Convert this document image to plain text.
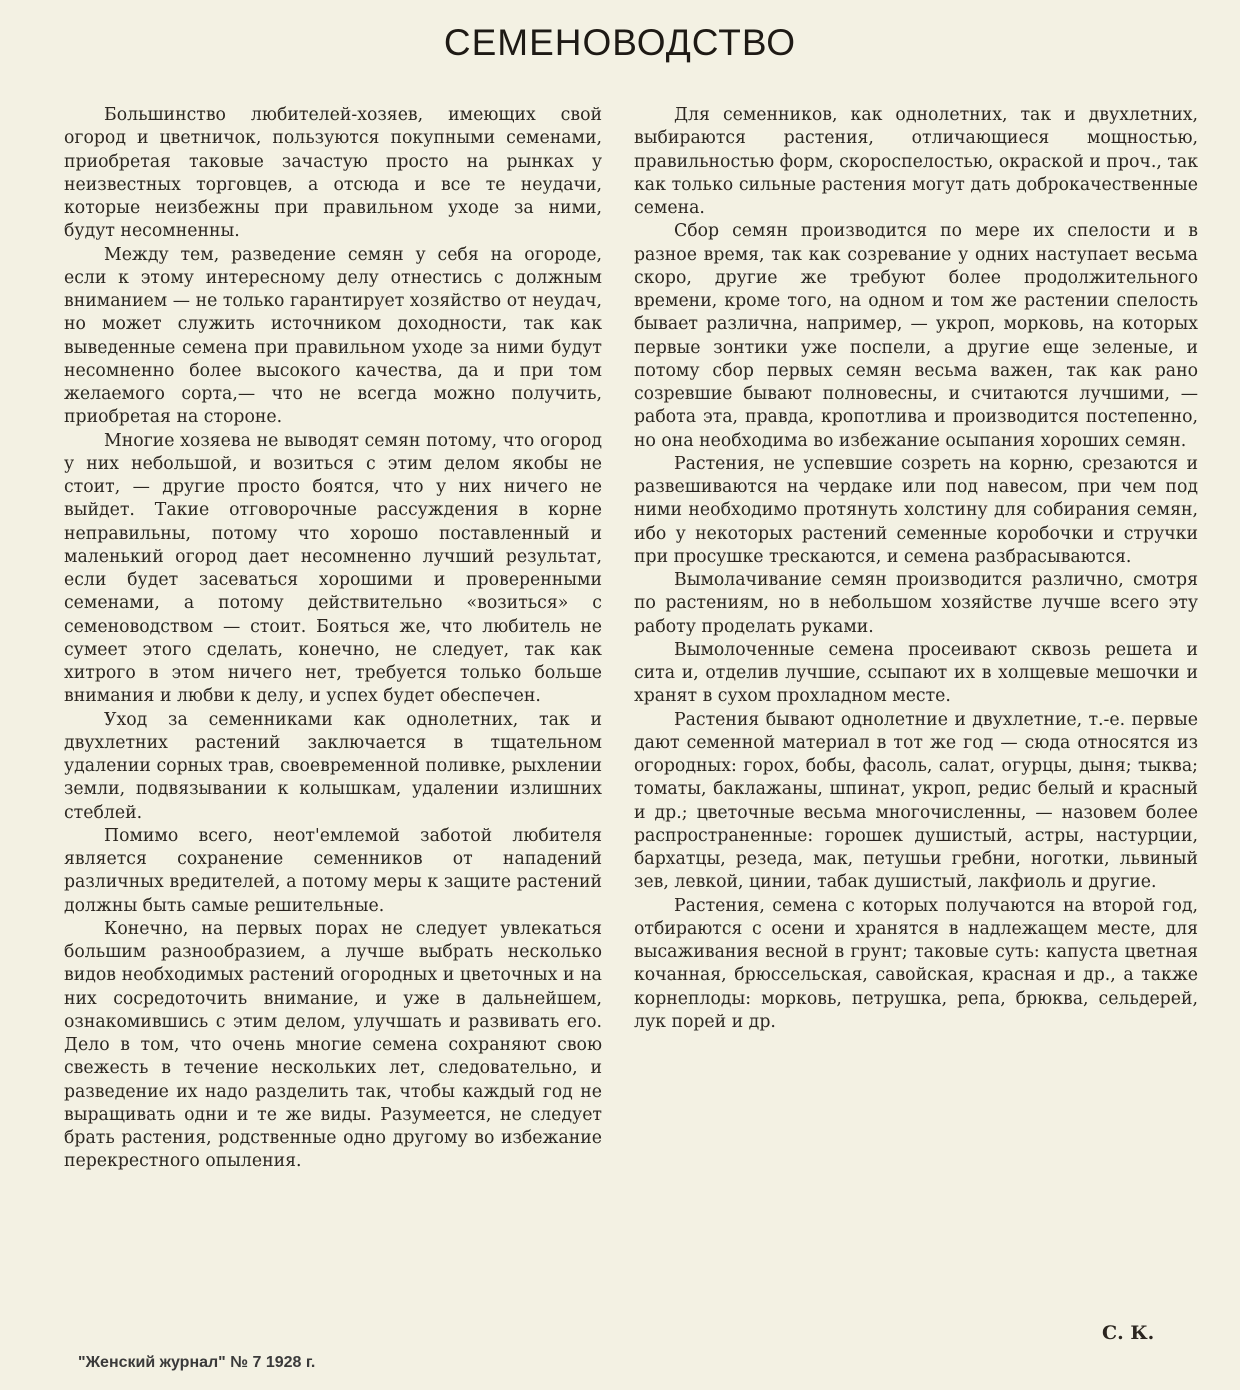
СЕМЕНОВОДСТВО

Большинство любителей-хозяев, имеющих свой огород и цветничок, пользуются покупными семенами, приобретая таковые зачастую просто на рынках у неизвестных торговцев, а отсюда и все те неудачи, которые неизбежны при правильном уходе за ними, будут несомненны.

Между тем, разведение семян у себя на огороде, если к этому интересному делу отнестись с должным вниманием — не только гарантирует хозяйство от неудач, но может служить источником доходности, так как выведенные семена при правильном уходе за ними будут несомненно более высокого качества, да и при том желаемого сорта,— что не всегда можно получить, приобретая на стороне.

Многие хозяева не выводят семян потому, что огород у них небольшой, и возиться с этим делом якобы не стоит, — другие просто боятся, что у них ничего не выйдет. Такие отговорочные рассуждения в корне неправильны, потому что хорошо поставленный и маленький огород дает несомненно лучший результат, если будет засеваться хорошими и проверенными семенами, а потому действительно «возиться» с семеноводством — стоит. Бояться же, что любитель не сумеет этого сделать, конечно, не следует, так как хитрого в этом ничего нет, требуется только больше внимания и любви к делу, и успех будет обеспечен.

Уход за семенниками как однолетних, так и двухлетних растений заключается в тщательном удалении сорных трав, своевременной поливке, рыхлении земли, подвязывании к колышкам, удалении излишних стеблей.

Помимо всего, неот'емлемой заботой любителя является сохранение семенников от нападений различных вредителей, а потому меры к защите растений должны быть самые решительные.

Конечно, на первых порах не следует увлекаться большим разнообразием, а лучше выбрать несколько видов необходимых растений огородных и цветочных и на них сосредоточить внимание, и уже в дальнейшем, ознакомившись с этим делом, улучшать и развивать его. Дело в том, что очень многие семена сохраняют свою свежесть в течение нескольких лет, следовательно, и разведение их надо разделить так, чтобы каждый год не выращивать одни и те же виды. Разумеется, не следует брать растения, родственные одно другому во избежание перекрестного опыления.

Для семенников, как однолетних, так и двухлетних, выбираются растения, отличающиеся мощностью, правильностью форм, скороспелостью, окраской и проч., так как только сильные растения могут дать доброкачественные семена.

Сбор семян производится по мере их спелости и в разное время, так как созревание у одних наступает весьма скоро, другие же требуют более продолжительного времени, кроме того, на одном и том же растении спелость бывает различна, например, — укроп, морковь, на которых первые зонтики уже поспели, а другие еще зеленые, и потому сбор первых семян весьма важен, так как рано созревшие бывают полновесны, и считаются лучшими, — работа эта, правда, кропотлива и производится постепенно, но она необходима во избежание осыпания хороших семян.

Растения, не успевшие созреть на корню, срезаются и развешиваются на чердаке или под навесом, при чем под ними необходимо протянуть холстину для собирания семян, ибо у некоторых растений семенные коробочки и стручки при просушке трескаются, и семена разбрасываются.

Вымолачивание семян производится различно, смотря по растениям, но в небольшом хозяйстве лучше всего эту работу проделать руками.

Вымолоченные семена просеивают сквозь решета и сита и, отделив лучшие, ссыпают их в холщевые мешочки и хранят в сухом прохладном месте.

Растения бывают однолетние и двухлетние, т.-е. первые дают семенной материал в тот же год — сюда относятся из огородных: горох, бобы, фасоль, салат, огурцы, дыня; тыква; томаты, баклажаны, шпинат, укроп, редис белый и красный и др.; цветочные весьма многочисленны, — назовем более распространенные: горошек душистый, астры, настурции, бархатцы, резеда, мак, петушьи гребни, ноготки, львиный зев, левкой, цинии, табак душистый, лакфиоль и другие.

Растения, семена с которых получаются на второй год, отбираются с осени и хранятся в надлежащем месте, для высаживания весной в грунт; таковые суть: капуста цветная кочанная, брюссельская, савойская, красная и др., а также корнеплоды: морковь, петрушка, репа, брюква, сельдерей, лук порей и др.

С. К.
"Женский журнал" № 7 1928 г.
